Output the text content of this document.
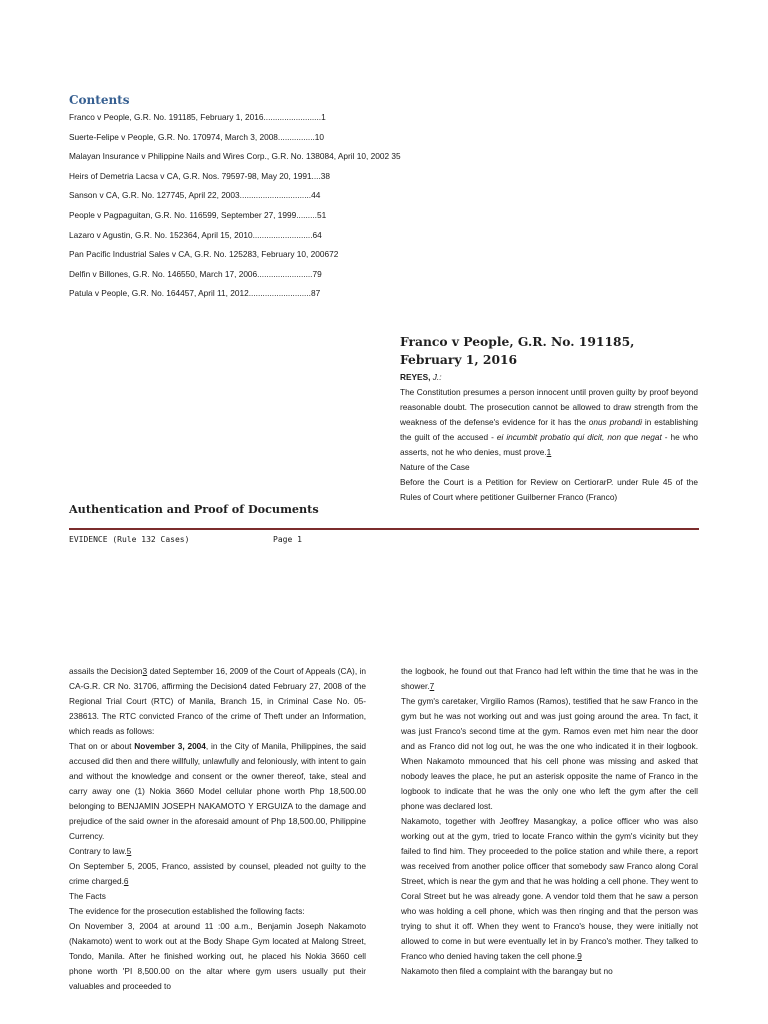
Contents
Franco v People, G.R. No. 191185, February 1, 2016.........................1
Suerte-Felipe v People, G.R. No. 170974, March 3, 2008................10
Malayan Insurance v Philippine Nails and Wires Corp., G.R. No. 138084, April 10, 2002 35
Heirs of Demetria Lacsa v CA, G.R. Nos. 79597-98, May 20, 1991....38
Sanson v CA, G.R. No. 127745, April 22, 2003...............................44
People v Pagpaguitan, G.R. No. 116599, September 27, 1999.........51
Lazaro v Agustin, G.R. No. 152364, April 15, 2010..........................64
Pan Pacific Industrial Sales v CA, G.R. No. 125283, February 10, 200672
Delfin v Billones, G.R. No. 146550, March 17, 2006........................79
Patula v People, G.R. No. 164457, April 11, 2012...........................87
Franco v People, G.R. No. 191185, February 1, 2016
REYES, J.:

The Constitution presumes a person innocent until proven guilty by proof beyond reasonable doubt. The prosecution cannot be allowed to draw strength from the weakness of the defense's evidence for it has the onus probandi in establishing the guilt of the accused - ei incumbit probatio qui dicit, non que negat - he who asserts, not he who denies, must prove.1

Nature of the Case

Before the Court is a Petition for Review on CertiorarP. under Rule 45 of the Rules of Court where petitioner Guilberner Franco (Franco)

Authentication and Proof of Documents
EVIDENCE (Rule 132 Cases)	Page 1

assails the Decision3 dated September 16, 2009 of the Court of Appeals (CA), in CA-G.R. CR No. 31706, affirming the Decision4 dated February 27, 2008 of the Regional Trial Court (RTC) of Manila, Branch 15, in Criminal Case No. 05-238613. The RTC convicted Franco of the crime of Theft under an Information, which reads as follows:

That on or about November 3, 2004, in the City of Manila, Philippines, the said accused did then and there willfully, unlawfully and feloniously, with intent to gain and without the knowledge and consent or the owner thereof, take, steal and carry away one (1) Nokia 3660 Model cellular phone worth Php 18,500.00 belonging to BENJAMIN JOSEPH NAKAMOTO Y ERGUIZA to the damage and prejudice of the said owner in the aforesaid amount of Php 18,500.00, Philippine Currency.

Contrary to law.5

On September 5, 2005, Franco, assisted by counsel, pleaded not guilty to the crime charged.6

The Facts

The evidence for the prosecution established the following facts:

On November 3, 2004 at around 11 :00 a.m., Benjamin Joseph Nakamoto (Nakamoto) went to work out at the Body Shape Gym located at Malong Street, Tondo, Manila. After he finished working out, he placed his Nokia 3660 cell phone worth 'PI 8,500.00 on the altar where gym users usually put their valuables and proceeded to

the logbook, he found out that Franco had left within the time that he was in the shower.7

The gym's caretaker, Virgilio Ramos (Ramos), testified that he saw Franco in the gym but he was not working out and was just going around the area. Tn fact, it was just Franco's second time at the gym. Ramos even met him near the door and as Franco did not log out, he was the one who indicated it in their logbook. When Nakamoto mmounced that his cell phone was missing and asked that nobody leaves the place, he put an asterisk opposite the name of Franco in the logbook to indicate that he was the only one who left the gym after the cell phone was declared lost.

Nakamoto, together with Jeoffrey Masangkay, a police officer who was also working out at the gym, tried to locate Franco within the gym's vicinity but they failed to find him. They proceeded to the police station and while there, a report was received from another police officer that somebody saw Franco along Coral Street, which is near the gym and that he was holding a cell phone. They went to Coral Street but he was already gone. A vendor told them that he saw a person who was holding a cell phone, which was then ringing and that the person was trying to shut it off. When they went to Franco's house, they were initially not allowed to come in but were eventually let in by Franco's mother. They talked to Franco who denied having taken the cell phone.9

Nakamoto then filed a complaint with the barangay but no
